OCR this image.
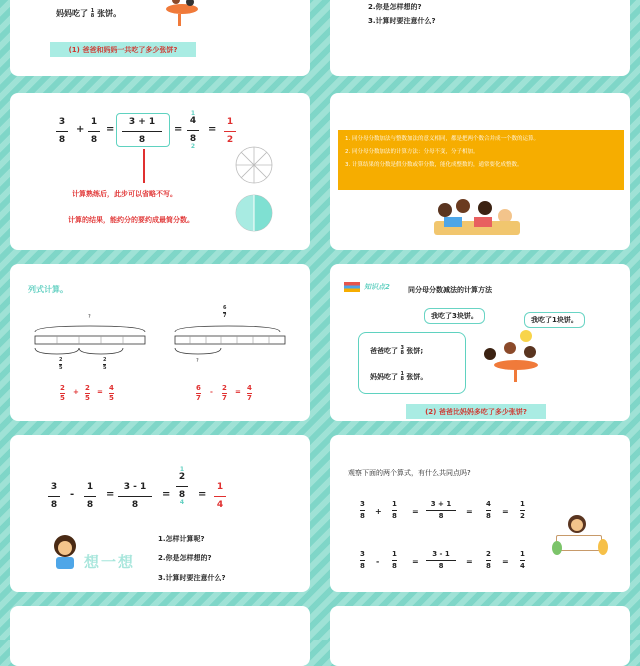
妈妈吃了 1
8 张饼。
(1) 爸爸和妈妈一共吃了多少张饼?
2.你是怎样想的?
3.计算时要注意什么?
3
8
+
1
8
=
3 + 1
8
=
1
4
8
2
=
1
2
计算熟练后，此步可以省略不写。
计算的结果，能约分的要约成最简分数。
1. 同分母分数加法与整数加法的意义相同，都是把两个数合并成一个数的运算。
2. 同分母分数加法的计算方法：分母不变，分子相加。
3. 计算结果的分数是假分数或带分数，能化成整数的，通常要化成整数。
列式计算。
?
2
5
2
5
2
5
+ 2
5
= 4
5
6
7
?
6
7
- 2
7
= 4
7
知识点2	同分母分数减法的计算方法
我吃了3块饼。	我吃了1块饼。
爸爸吃了 3
8 张饼;
妈妈吃了 1
8 张饼。
(2) 爸爸比妈妈多吃了多少张饼?
3
8
-
1
8
=
3 - 1
8
=
1
2
8
4
=
1
4
想一想
1.怎样计算呢?
2.你是怎样想的?
3.计算时要注意什么?
观察下面的两个算式，有什么共同点吗?
3
8 +
1
8 =
3 + 1
8	=
4
8 =
1
2
3
8 -
1
8 =
3 - 1
8	=
2
8 =
1
4
